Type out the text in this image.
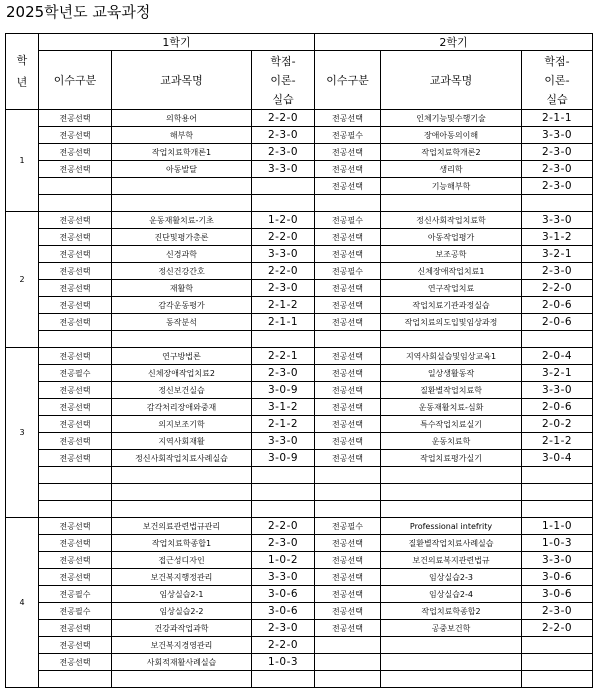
2025학년도 교육과정
학
년	1학기			2학기		
	이수구분	교과목명	학점-
이론-
실습	이수구분	교과목명	학점-
이론-
실습
1	전공선택	의학용어	2-2-0	전공선택	인체기능및수행기술	2-1-1
	전공선택	해부학	2-3-0	전공필수	장애아동의이해	3-3-0
	전공선택	작업치료학개론1	2-3-0	전공선택	작업치료학개론2	2-3-0
	전공선택	아동발달	3-3-0	전공선택	생리학	2-3-0
				전공선택	기능해부학	2-3-0

2	전공선택	운동재활치료-기초	1-2-0	전공필수	정신사회작업치료학	3-3-0
	전공선택	진단및평가총론	2-2-0	전공선택	아동작업평가	3-1-2
	전공선택	신경과학	3-3-0	전공선택	보조공학	3-2-1
	전공선택	정신건강간호	2-2-0	전공필수	신체장애작업치료1	2-3-0
	전공선택	재활학	2-3-0	전공선택	연구작업치료	2-2-0
	전공선택	감각운동평가	2-1-2	전공선택	작업치료기관과정실습	2-0-6
	전공선택	동작분석	2-1-1	전공선택	작업치료의도입및임상과정	2-0-6

3	전공선택	연구방법론	2-2-1	전공선택	지역사회실습및임상교육1	2-0-4
	전공필수	신체장애작업치료2	2-3-0	전공선택	일상생활동작	3-2-1
	전공선택	정신보건실습	3-0-9	전공선택	질환별작업치료학	3-3-0
	전공선택	감각처리장애와중재	3-1-2	전공선택	운동재활치료-심화	2-0-6
	전공선택	의지보조기학	2-1-2	전공선택	특수작업치료실기	2-0-2
	전공선택	지역사회재활	3-3-0	전공선택	운동치료학	2-1-2
	전공선택	정신사회작업치료사례실습	3-0-9	전공선택	작업치료평가실기	3-0-4

4	전공선택	보건의료관련법규관리	2-2-0	전공필수	Professional intefrity	1-1-0
	전공선택	작업치료학종합1	2-3-0	전공선택	질환별작업치료사례실습	1-0-3
	전공선택	접근성디자인	1-0-2	전공선택	보건의료복지관련법규	3-3-0
	전공선택	보건복지행정관리	3-3-0	전공선택	임상실습2-3	3-0-6
	전공필수	임상실습2-1	3-0-6	전공선택	임상실습2-4	3-0-6
	전공필수	임상실습2-2	3-0-6	전공선택	작업치료학종합2	2-3-0
	전공선택	건강과작업과학	2-3-0	전공선택	공중보건학	2-2-0
	전공선택	보건복지경영관리	2-2-0			
	전공선택	사회적재활사례실습	1-0-3			
